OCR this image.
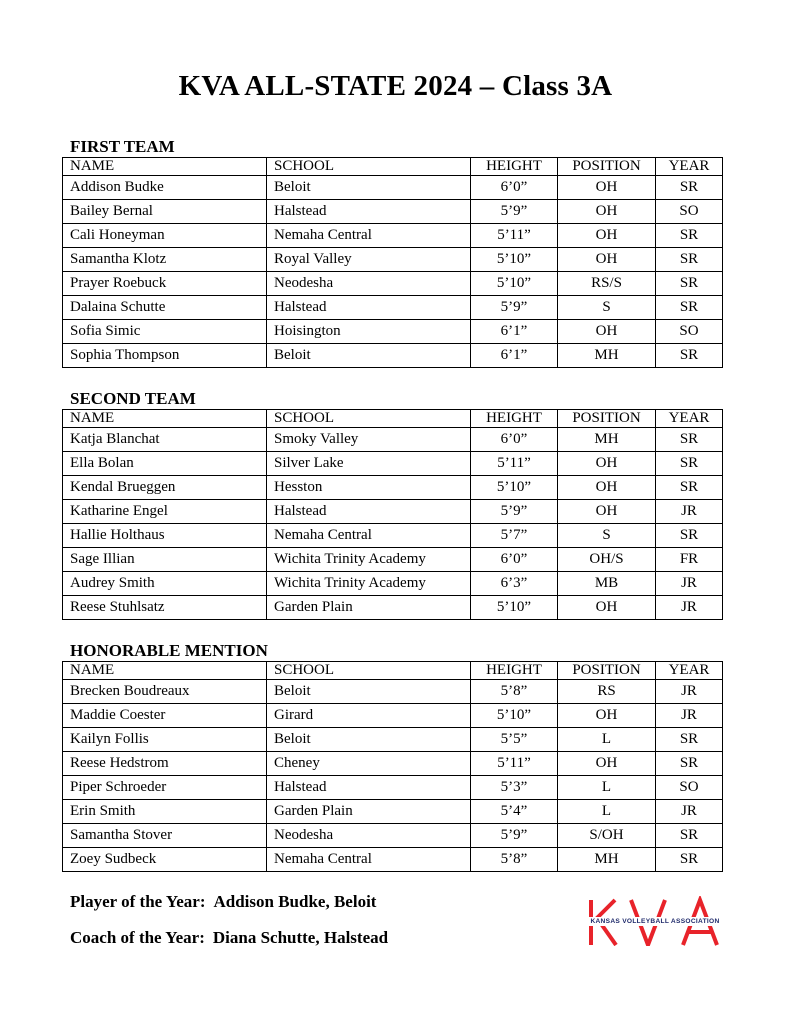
KVA ALL-STATE 2024 – Class 3A
FIRST TEAM
NAME	SCHOOL	HEIGHT	POSITION	YEAR
Addison Budke	Beloit	6’0”	OH	SR
Bailey Bernal	Halstead	5’9”	OH	SO
Cali Honeyman	Nemaha Central	5’11”	OH	SR
Samantha Klotz	Royal Valley	5’10”	OH	SR
Prayer Roebuck	Neodesha	5’10”	RS/S	SR
Dalaina Schutte	Halstead	5’9”	S	SR
Sofia Simic	Hoisington	6’1”	OH	SO
Sophia Thompson	Beloit	6’1”	MH	SR
SECOND TEAM
NAME	SCHOOL	HEIGHT	POSITION	YEAR
Katja Blanchat	Smoky Valley	6’0”	MH	SR
Ella Bolan	Silver Lake	5’11”	OH	SR
Kendal Brueggen	Hesston	5’10”	OH	SR
Katharine Engel	Halstead	5’9”	OH	JR
Hallie Holthaus	Nemaha Central	5’7”	S	SR
Sage Illian	Wichita Trinity Academy	6’0”	OH/S	FR
Audrey Smith	Wichita Trinity Academy	6’3”	MB	JR
Reese Stuhlsatz	Garden Plain	5’10”	OH	JR
HONORABLE MENTION
NAME	SCHOOL	HEIGHT	POSITION	YEAR
Brecken Boudreaux	Beloit	5’8”	RS	JR
Maddie Coester	Girard	5’10”	OH	JR
Kailyn Follis	Beloit	5’5”	L	SR
Reese Hedstrom	Cheney	5’11”	OH	SR
Piper Schroeder	Halstead	5’3”	L	SO
Erin Smith	Garden Plain	5’4”	L	JR
Samantha Stover	Neodesha	5’9”	S/OH	SR
Zoey Sudbeck	Nemaha Central	5’8”	MH	SR
Player of the Year: Addison Budke, Beloit
Coach of the Year: Diana Schutte, Halstead
KANSAS VOLLEYBALL ASSOCIATION
